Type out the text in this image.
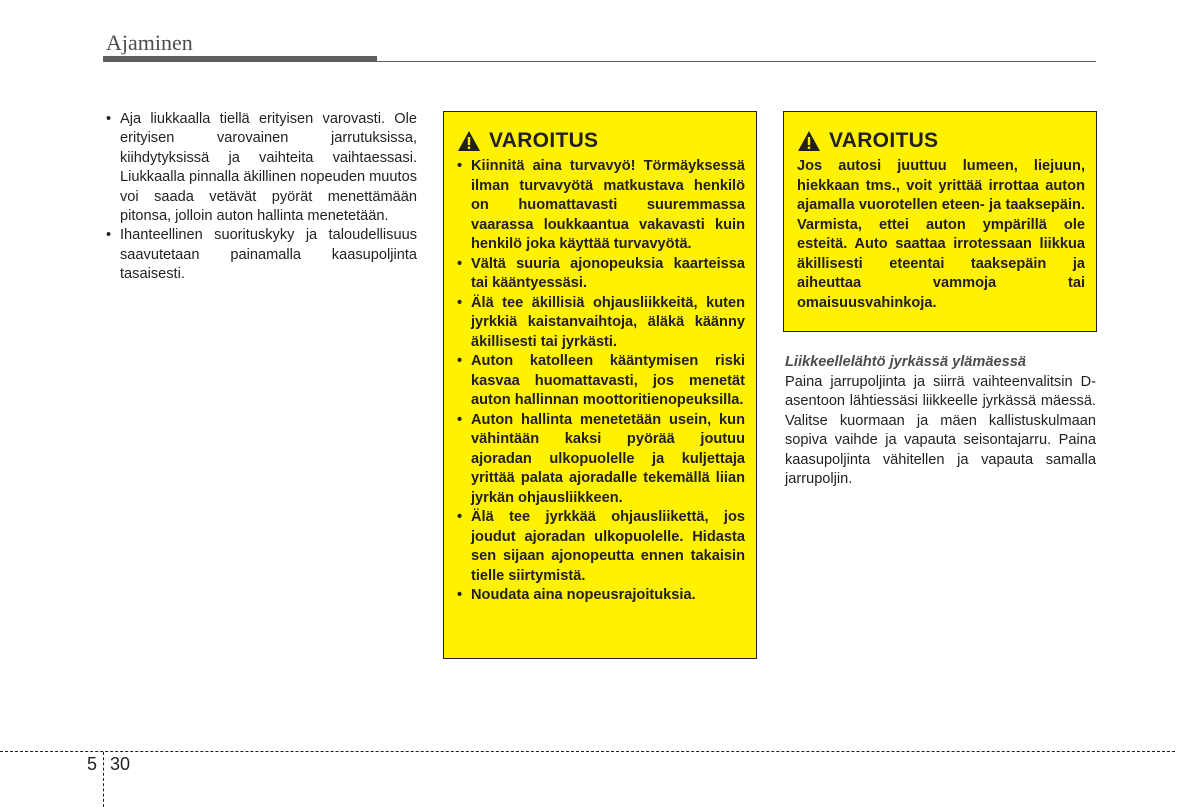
Ajaminen
• Aja liukkaalla tiellä erityisen varovasti. Ole erityisen varovainen jarrutuksissa, kiihdytyksissä ja vaihteita vaihtaessasi. Liukkaalla pinnalla äkillinen nopeuden muutos voi saada vetävät pyörät menettämään pitonsa, jolloin auton hallinta menetetään.
• Ihanteellinen suorituskyky ja taloudellisuus saavutetaan painamalla kaasupoljinta tasaisesti.
VAROITUS
• Kiinnitä aina turvavyö! Törmäyksessä ilman turvavyötä matkustava henkilö on huomattavasti suuremmassa vaarassa loukkaantua vakavasti kuin henkilö joka käyttää turvavyötä.
• Vältä suuria ajonopeuksia kaarteissa tai kääntyessäsi.
• Älä tee äkillisiä ohjausliikkeitä, kuten jyrkkiä kaistanvaihtoja, äläkä käänny äkillisesti tai jyrkästi.
• Auton katolleen kääntymisen riski kasvaa huomattavasti, jos menetät auton hallinnan moottoritienopeuksilla.
• Auton hallinta menetetään usein, kun vähintään kaksi pyörää joutuu ajoradan ulkopuolelle ja kuljettaja yrittää palata ajoradalle tekemällä liian jyrkän ohjausliikkeen.
• Älä tee jyrkkää ohjausliikettä, jos joudut ajoradan ulkopuolelle. Hidasta sen sijaan ajonopeutta ennen takaisin tielle siirtymistä.
• Noudata aina nopeusrajoituksia.
VAROITUS

Jos autosi juuttuu lumeen, liejuun, hiekkaan tms., voit yrittää irrottaa auton ajamalla vuorotellen eteen- ja taaksepäin. Varmista, ettei auton ympärillä ole esteitä. Auto saattaa irrotessaan liikkua äkillisesti eteentai taaksepäin ja aiheuttaa vammoja tai omaisuusvahinkoja.

Liikkeellelähtö jyrkässä ylämäessä

Paina jarrupoljinta ja siirrä vaihteenvalitsin D-asentoon lähtiessäsi liikkeelle jyrkässä mäessä. Valitse kuormaan ja mäen kallistuskulmaan sopiva vaihde ja vapauta seisontajarru. Paina kaasupoljinta vähitellen ja vapauta samalla jarrupoljin.

5 30
